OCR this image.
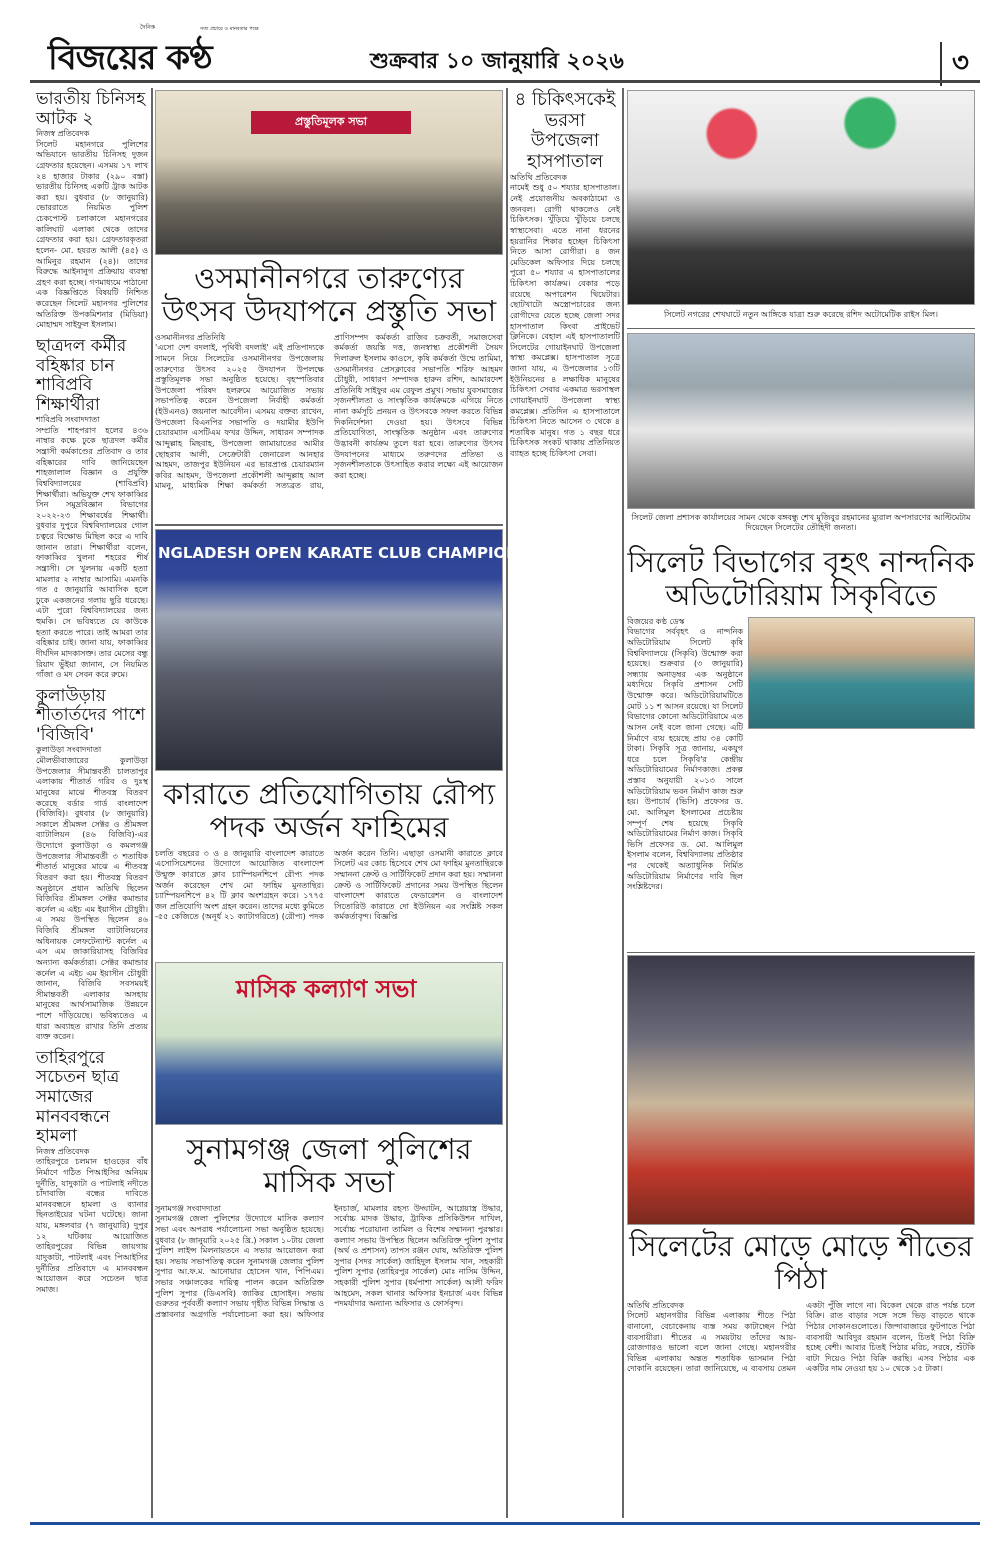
দৈনিক
বিজয়ের কণ্ঠ
সত্য প্রচারে ও মানবতার পক্ষে
শুক্রবার ১০ জানুয়ারি ২০২৬	৩
ভারতীয় চিনিসহ আটক ২
নিজস্ব প্রতিবেদক
সিলেট মহানগরে পুলিশের অভিযানে ভারতীয় চিনিসহ দুজন গ্রেফতার হয়েছেন। এসময় ১৭ লাখ ২৪ হাজার টাকার (২৯০ বস্তা) ভারতীয় চিনিসহ একটি ট্রাক আটক করা হয়। বুধবার (৮ জানুয়ারি) ভোররাতে নিয়মিত পুলিশ চেকপোস্ট চলাকালে মহানগরের কালিঘাট এলাকা থেকে তাদের গ্রেফতার করা হয়। গ্রেফতারকৃতরা হলেন- মো. হযরত আলী (৪৫) ও আমিনুর রহমান (২৪)। তাদের বিরুদ্ধে আইনানুগ প্রক্রিয়ায় ব্যবস্থা গ্রহণ করা হচ্ছে। গণমাধ্যমে পাঠানো এক বিজ্ঞপ্তিতে বিষয়টি নিশ্চিত করেছেন সিলেট মহানগর পুলিশের অতিরিক্ত উপকমিশনার (মিডিয়া) মোহাম্মদ সাইফুল ইসলাম।
ছাত্রদল কর্মীর বহিষ্কার চান শাবিপ্রবি শিক্ষার্থীরা
শাবিপ্রবি সংবাদদাতা
সম্প্রতি শাহপরাণ হলের ৪৩৬ নাম্বার কক্ষে ঢুকে ছাত্রদল কর্মীর সন্ত্রাসী কর্মকাণ্ডের প্রতিবাদ ও তার বহিষ্কারের দাবি জানিয়েছেন শাহজালাল বিজ্ঞান ও প্রযুক্তি বিশ্ববিদ্যালয়ের (শাবিপ্রবি) শিক্ষার্থীরা। অভিযুক্ত শেখ ফাকাব্বির সিন সমুদ্রবিজ্ঞান বিভাগের ২০২২-২৩ শিক্ষাবর্ষের শিক্ষার্থী। বুধবার দুপুরে বিশ্ববিদ্যালয়ের গোল চত্বরে বিক্ষোভ মিছিল করে এ দাবি জানান তারা। শিক্ষার্থীরা বলেন, ফাকাব্বির খুলনা শহরের শীর্ষ সন্ত্রাসী। সে খুলনায় একটি হত্যা মামলার ২ নাম্বার আসামি। এমনকি গত ৫ জানুয়ারি আবাসিক হলে ঢুকে একজনের গলায় ছুরি ধরেছে। এটা পুরো বিশ্ববিদ্যালয়ের জন্য হুমকি। সে ভবিষ্যতে যে কাউকে হত্যা করতে পারে। তাই আমরা তার বহিষ্কার চাই। জানা যায়, ফাকাব্বির দীর্ঘদিন মাদকাসক্ত। তার মেসের বন্ধু রিয়াদ ভুঁইয়া জানান, সে নিয়মিত গাঁজা ও মদ সেবন করে রুমে।
কুলাউড়ায় শীতার্তদের পাশে 'বিজিবি'
কুলাউড়া সংবাদদাতা
মৌলভীবাজারের কুলাউড়া উপজেলার সীমান্তবর্তী চালতাপুর এলাকায় শীতার্ত গরিব ও দুঃস্থ মানুষের মাঝে শীতবস্ত্র বিতরণ করেছে বর্ডার গার্ড বাংলাদেশ (বিজিবি)। বুধবার (৮ জানুয়ারি) সকালে শ্রীমঙ্গল সেক্টর ও শ্রীমঙ্গল ব্যাটালিয়ন (৪৬ বিজিবি)-এর উদ্যোগে কুলাউড়া ও কমলগঞ্জ উপজেলার সীমান্তবর্তী ৩ শতাধিক শীতার্ত মানুষের মাঝে এ শীতবস্ত্র বিতরণ করা হয়। শীতবস্ত্র বিতরণ অনুষ্ঠানে প্রধান অতিথি ছিলেন বিজিবির শ্রীমঙ্গল সেক্টর কমান্ডার কর্নেল এ এইচ এম ইয়াসীন চৌধুরী। এ সময় উপস্থিত ছিলেন ৪৬ বিজিবি শ্রীমঙ্গল ব্যাটালিয়নের অধিনায়ক লেফটেন্যান্ট কর্নেল এ এস এম জাকারিয়াসহ বিজিবির অন্যান্য কর্মকর্তারা। সেক্টর কমান্ডার কর্নেল এ এইচ এম ইয়াসীন চৌধুরী জানান, বিজিবি সবসময়ই সীমান্তবর্তী এলাকার অসহায় মানুষের আর্থসামাজিক উন্নয়নে পাশে দাঁড়িয়েছে। ভবিষ্যতেও এ ধারা অব্যাহত রাখার তিনি প্রত্যয় ব্যক্ত করেন।
তাহিরপুরে সচেতন ছাত্র সমাজের মানববন্ধনে হামলা
নিজস্ব প্রতিবেদক
তাহিরপুরে চলমান হাওড়ের বাঁধ নির্মাণে গঠিত পিআইসির অনিয়ম দুর্নীতি, যাদুকাটা ও পাটলাই নদীতে চাঁদাবাজি বন্ধের দাবিতে মানববন্ধনে হামলা ও ব্যানার ছিনতাইয়ের ঘটনা ঘটেছে। জানা যায়, মঙ্গলবার (৭ জানুয়ারি) দুপুর ১২ ঘটিকায় আয়োজিত তাহিরপুরের বিভিন্ন জায়গায় যাদুকাটা, পাটলাই এবং পিআইসির দুর্নীতির প্রতিবাদে এ মানববন্ধন আয়োজন করে সচেতন ছাত্র সমাজ।
প্রস্তুতিমূলক সভা
ওসমানীনগরে তারুণ্যের উৎসব উদযাপনে প্রস্তুতি সভা

ওসমানীনগর প্রতিনিধি

'এসো দেশ বদলাই, পৃথিবী বদলাই' এই প্রতিপাদ্যকে সামনে নিয়ে সিলেটের ওসমানীনগর উপজেলায় তারুণ্যের উৎসব ২০২৫ উদযাপন উপলক্ষে প্রস্তুতিমূলক সভা অনুষ্ঠিত হয়েছে। বৃহস্পতিবার উপজেলা পরিষদ হলরুমে আয়োজিত সভায় সভাপতিত্ব করেন উপজেলা নির্বাহী কর্মকর্তা (ইউএনও) জয়নাল আবেদীন। এসময় বক্তব্য রাখেন, উপজেলা বিএনপির সভাপতি ও দয়ামীর ইউপি চেয়ারম্যান এসটিএম ফখর উদ্দিন, সাধারন সম্পাদক আব্দুল্লাহ মিছবাহ, উপজেলা জামায়াতের আমীর ছোহরাব আলী, সেক্রেটারী জেনারেল আনহার আহমদ, তাজপুর ইউনিয়ন এর ভারপ্রাপ্ত চেয়ারম্যান কবির আহমদ, উপজেলা প্রকৌশলী আব্দুল্লাহ আল মামনু, মাধ্যমিক শিক্ষা কর্মকর্তা সত্যব্রত রায়, প্রাণিসম্পদ কর্মকর্তা রাজিব চক্রবর্তী, সমাজসেবা কর্মকর্তা জয়ন্তি দত্ত, জনস্বাস্থ্য প্রকৌশলী সৈয়দ দিলারুল ইসলাম কাওসে, কৃষি কর্মকর্তা উম্মে তামিমা, ওসমানীনগর প্রেসক্লাবের সভাপতি শরিফ আহমদ চৌধুরী, সাধারণ সম্পাদক হারুন রশিদ, আমারদেশ প্রতিনিধি সাইফুর এম রেফুল প্রমুখ। সভায় যুবসমাজের সৃজনশীলতা ও সাংস্কৃতিক কার্যক্রমকে এগিয়ে নিতে নানা কর্মসূচি প্রনয়ন ও উৎসবকে সফল করতে বিভিন্ন দিকনির্দেশনা দেওয়া হয়। উৎসবে বিভিন্ন প্রতিযোগিতা, সাংস্কৃতিক অনুষ্ঠান এবং তারুণ্যের উদ্ভাবনী কার্যক্রম তুলে ধরা হবে। তারুণ্যের উৎসব উদযাপনের মাধ্যমে তরুণদের প্রতিভা ও সৃজনশীলতাকে উৎসাহিত করার লক্ষ্যে এই আয়োজন করা হচ্ছে।

NGLADESH OPEN KARATE CLUB CHAMPIONSHIP 2025
কারাতে প্রতিযোগিতায় রৌপ্য পদক অর্জন ফাহিমের

চলতি বছরের ৩ ও ৪ জানুয়ারি বাংলাদেশ কারাতে এসোসিয়েশনের উদ্যোগে আয়োজিত বাংলাদেশ উন্মুক্ত কারাতে ক্লাব চ্যাম্পিয়নশিপে রৌপ্য পদক অর্জন করেছেন শেখ মো ফাহিম মুনতাছির। চ্যাম্পিয়নশিপে ৪২ টি ক্লাব অংশগ্রহন করে। ১৭৭৫ জন প্রতিযোগি অংশ গ্রহন করেন। তাদের মধ্যে কুমিতে -৫৫ কেজিতে (অনূর্ধ ২১ ক্যাটাগরিতে) (রৌপ্য) পদক অর্জন করেন তিনি। এছাড়া ওসমানী কারাতে ক্লাবে সিলেট এর কোচ হিসেবে শেখ মো ফাহিম মুনতাছিরকে সম্মাননা ক্রেস্ট ও সার্টিফিকেট প্রদান করা হয়। সম্মাননা ক্রেস্ট ও সার্টিফিকেট প্রদানের সময় উপস্থিত ছিলেন বাংলাদেশ কারাতে ফেডারেশন ও বাংলাদেশ সিতোরিউ কারাতে দো ইউনিয়ন এর সংশ্লিষ্ট সকল কর্মকর্তাবৃন্দ। বিজ্ঞপ্তি

মাসিক কল্যাণ সভা
সুনামগঞ্জ জেলা পুলিশের মাসিক সভা

সুনামগঞ্জ সংবাদদাতা

সুনামগঞ্জ জেলা পুলিশের উদ্যোগে মাসিক কল্যাণ সভা এবং অপরাধ পর্যালোচনা সভা অনুষ্ঠিত হয়েছে। বুধবার (৮ জানুয়ারি ২০২৫ খ্রি.) সকাল ১০টায় জেলা পুলিশ লাইন্স মিলনায়তনে এ সভার আয়োজন করা হয়। সভায় সভাপতিত্ব করেন সুনামগঞ্জ জেলার পুলিশ সুপার আ.ফ.ম. আনোয়ার হোসেন খান, পিপিএম। সভার সঞ্চালকের দায়িত্ব পালন করেন অতিরিক্ত পুলিশ সুপার (ডিএসবি) জাকির হোসাইন। সভায় গুরুতর পূর্ববর্তী কল্যাণ সভায় গৃহীত বিভিন্ন সিদ্ধান্ত ও প্রস্তাবনার অগ্রগতি পর্যালোচনা করা হয়। অফিসার ইনচার্জ, মামলার রহস্য উদ্ঘাটন, আগ্নেয়াস্ত্র উদ্ধার, সর্বোচ্চ মাদক উদ্ধার, ট্রাফিক প্রসিকিউশন দাখিল, সর্বোচ্চ পরোয়ানা তামিল ও বিশেষ সম্মাননা পুরস্কার। কল্যাণ সভায় উপস্থিত ছিলেন অতিরিক্ত পুলিশ সুপার (অর্থ ও প্রশাসন) তাপস রঞ্জন ঘোষ, অতিরিক্ত পুলিশ সুপার (সদর সার্কেল) জাহিদুল ইসলাম খান, সহকারী পুলিশ সুপার (তাহিরপুর সার্কেল) মোঃ নাসিম উদ্দিন, সহকারী পুলিশ সুপার (ধর্মপাশা সার্কেল) আলী ফরিদ আহমেদ, সকল থানার অফিসার ইনচার্জ এবং বিভিন্ন পদমর্যাদার অন্যান্য অফিসার ও ফোর্সবৃন্দ।

৪ চিকিৎসকেই ভরসা উপজেলা হাসপাতাল
অতিথি প্রতিবেদক
নামেই শুধু ৫০ শয্যার হাসপাতাল। নেই প্রয়োজনীয় অবকাঠামো ও জনবল। রোগী থাকলেও নেই চিকিৎসক। খুঁড়িয়ে খুঁড়িয়ে চলছে স্বাস্থ্যসেবা। এতে নানা ধরনের হয়রানির শিকার হচ্ছেন চিকিৎসা নিতে আসা রোগীরা। ৪ জন মেডিকেল অফিসার দিয়ে চলছে পুরো ৫০ শয্যার এ হাসপাতালের চিকিৎসা কার্যক্রম। বেকার পড়ে রয়েছে অপারেশন থিয়েটার। ছোটখাটো অস্ত্রোপচারের জন্য রোগীদের যেতে হচ্ছে জেলা সদর হাসপাতাল কিংবা প্রাইভেট ক্লিনিকে। বেহাল এই হাসপাতালটি সিলেটের গোয়াইনঘাট উপজেলা স্বাস্থ্য কমপ্লেক্স। হাসপাতাল সূত্রে জানা যায়, এ উপজেলার ১৩টি ইউনিয়নের ৪ লক্ষাধিক মানুষের চিকিৎসা সেবার একমাত্র ভরসাস্থল গোয়াইনঘাট উপজেলা স্বাস্থ্য কমপ্লেক্স। প্রতিদিন এ হাসপাতালে চিকিৎসা নিতে আসেন ৩ থেকে ৪ শতাধিক মানুষ। গত ১ বছর ধরে চিকিৎসক সংকট থাকায় প্রতিনিয়ত ব্যাহত হচ্ছে চিকিৎসা সেবা।
সিলেট নগরের শেখঘাটে নতুন আঙ্গিকে যাত্রা শুরু করেছে রশিদ অটোমেটিক রাইস মিল।
সিলেট জেলা প্রশাসক কার্যালয়ের সামন থেকে বঙ্গবন্ধু শেখ মুজিবুর রহমানের ম্যুরাল অপসারণের আল্টিমেটাম দিয়েছেন সিলেটের তৌহিদী জনতা।
সিলেট বিভাগের বৃহৎ নান্দনিক অডিটোরিয়াম সিকৃবিতে

বিজয়ের কণ্ঠ ডেস্ক

বিভাগের সর্ববৃহৎ ও নান্দনিক অডিটোরিয়াম সিলেট কৃষি বিশ্ববিদ্যালয়ে (সিকৃবি) উন্মোক্ত করা হয়েছে। শুক্রবার (৩ জানুয়ারি) সন্ধ্যায় অনাড়ম্বর এক অনুষ্ঠানে মধ্যদিয়ে সিকৃবি প্রশাসন সেটি উন্মোক্ত করে। অডিটোরিয়ামটিতে মোট ১১ শ আসন রয়েছে। যা সিলেট বিভাগের কোনো অডিটোরিয়ামে এত আসন নেই বলে জানা গেছে। এটি নির্মাণে ব্যয় হয়েছে প্রায় ৩৪ কোটি টাকা। সিকৃবি সূত্র জানায়, একযুগ ধরে চলে সিকৃবি'র কেন্দ্রীয় অডিটোরিয়ামের নির্মাণকাজ। প্রকল্প প্রস্তাব অনুযায়ী ২০১৩ সালে অডিটোরিয়াম ভবন নির্মাণ কাজ শুরু হয়। উপাচার্য (ভিসি) প্রফেসর ড. মো. আলিমুল ইসলামের প্রচেষ্টায় সম্পূর্ণ শেষ হয়েছে সিকৃবি অডিটোরিয়ামের নির্মাণ কাজ। সিকৃবি ভিসি প্রফেসর ড. মো. আলিমুল ইসলাম বলেন, বিশ্ববিদ্যালয় প্রতিষ্ঠার পর থেকেই অত্যাধুনিক নির্মিত অডিটোরিয়াম নির্মাণের দাবি ছিল সংশ্লিষ্টদের।

সিলেটের মোড়ে মোড়ে শীতের পিঠা

অতিথি প্রতিবেদক

সিলেট মহানগরীর বিভিন্ন এলাকায় শীতে পিঠা বানানো, বেচাকেনায় ব্যস্ত সময় কাটাচ্ছেন পিঠা ব্যবসায়ীরা। শীতের এ সময়টায় তাঁদের আয়-রোজগারও ভালো বলে জানা গেছে। মহানগরীর বিভিন্ন এলাকায় অন্তত শতাধিক ভাসমান পিঠা দোকানি রয়েছেন। তারা জানিয়েছে, এ ব্যবসায় তেমন একটা পুঁজি লাগে না। বিকেল থেকে রাত পর্যন্ত চলে বিক্রি। রাত বাড়ার সঙ্গে সঙ্গে ভিড় বাড়তে থাকে পিঠার দোকানগুলোতে। জিন্দাবাজারে ফুটপাতে পিঠা ব্যবসায়ী আবিদুর রহমান বলেন, চিতই পিঠা বিক্রি হচ্ছে বেশী। আবার চিতই পিঠার মরিচ, সরষে, শুঁটকি বাটা দিয়েও পিঠা বিক্রি করছি। এসব পিঠার এক একটির দাম নেওয়া হয় ১০ থেকে ১৫ টাকা।
